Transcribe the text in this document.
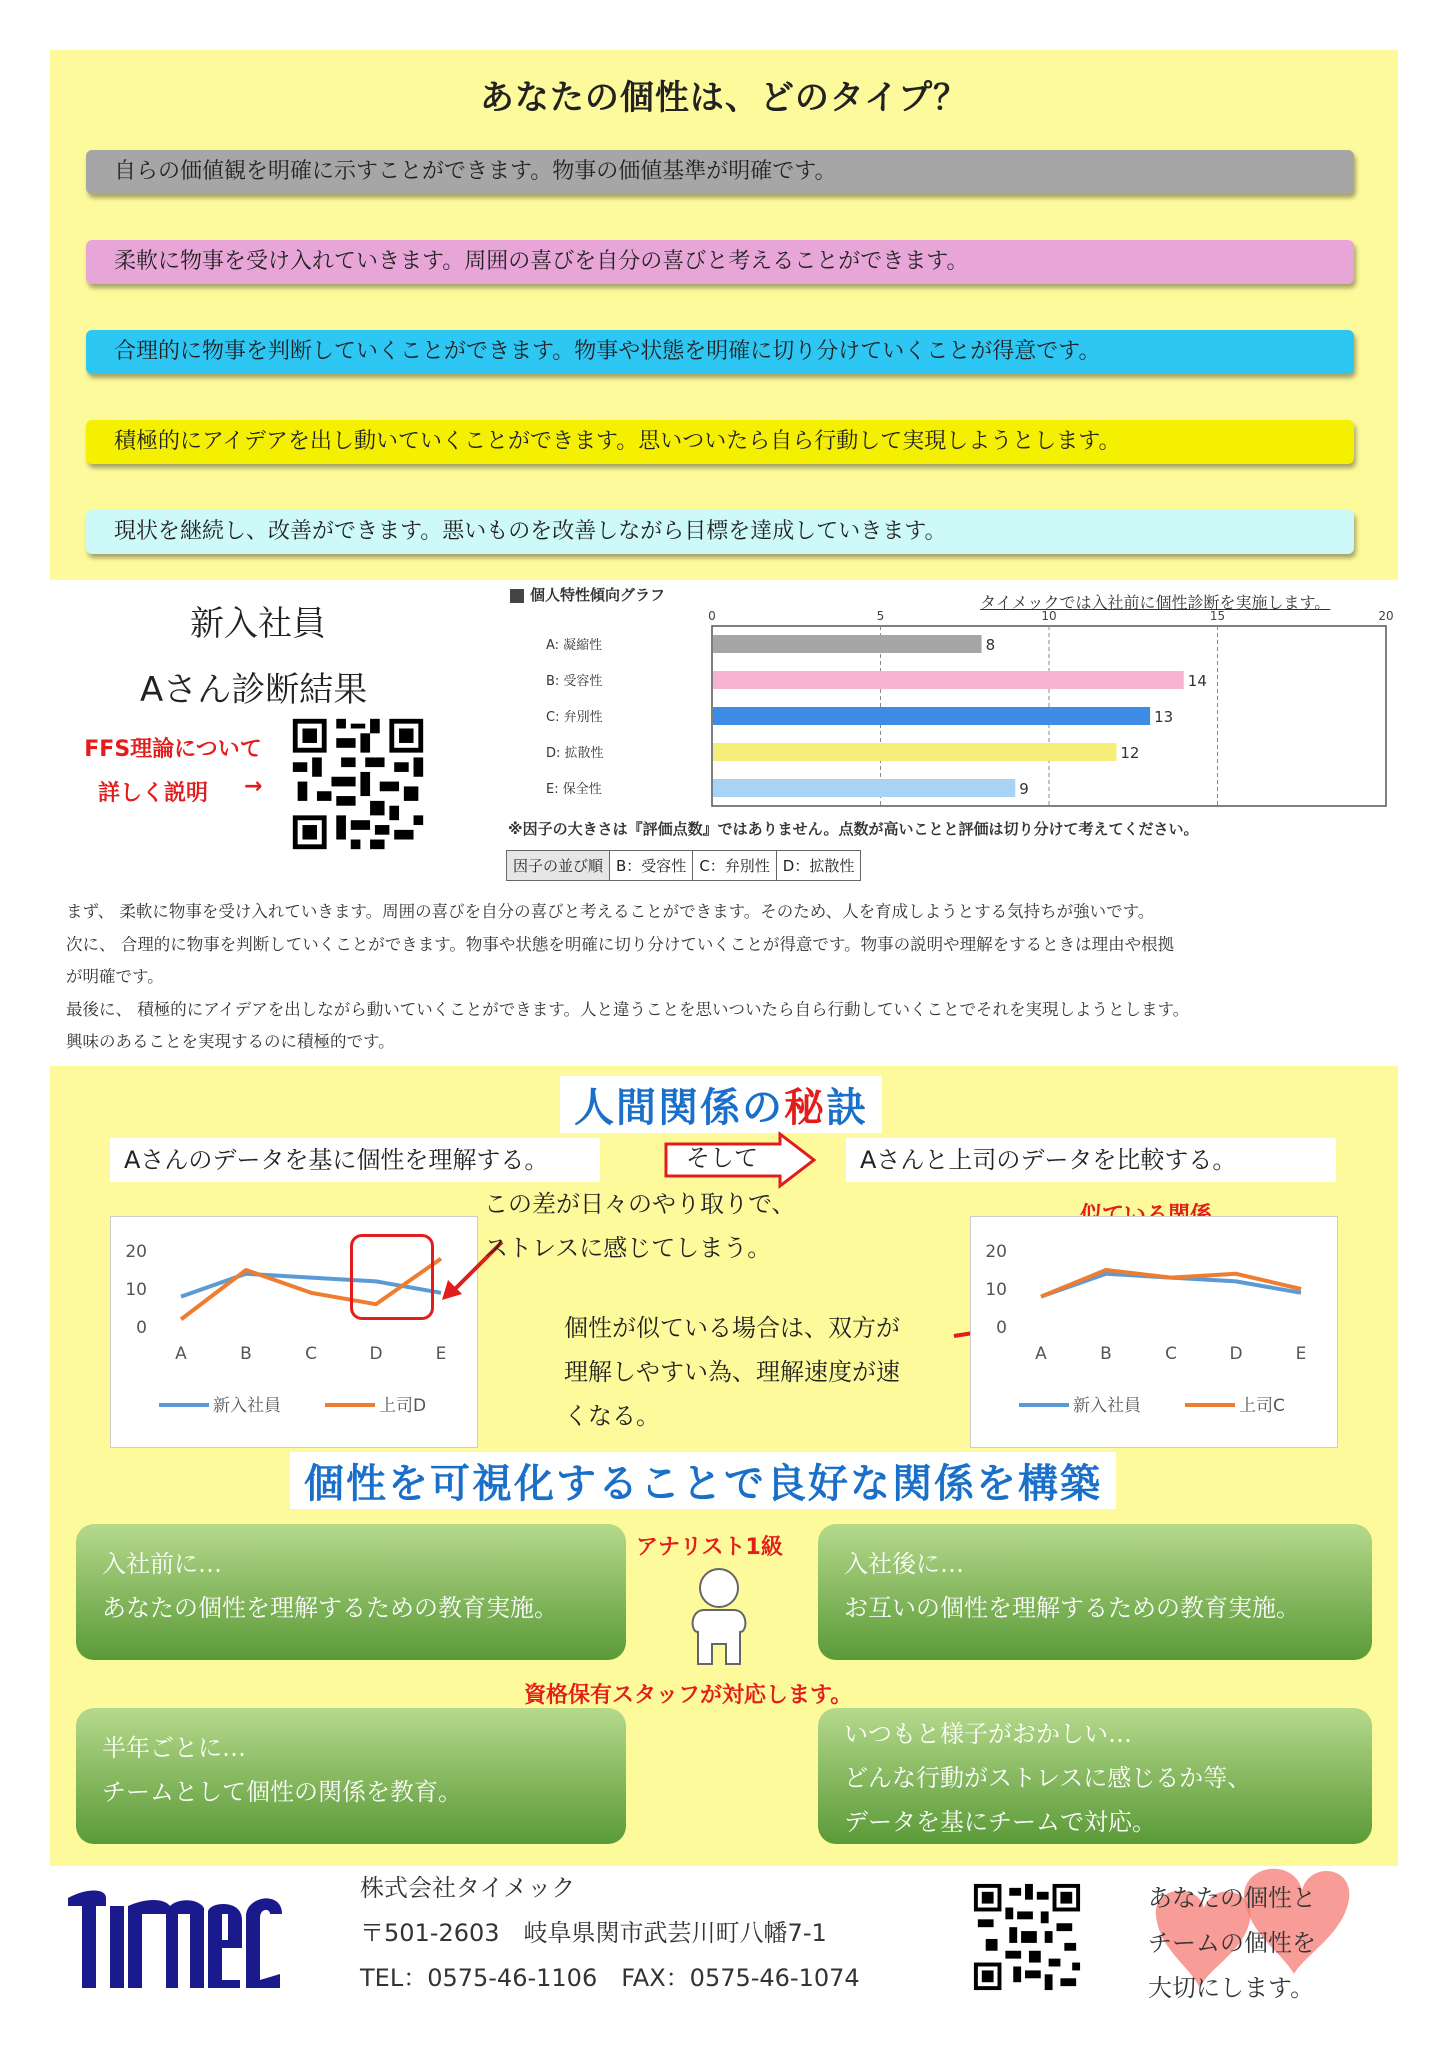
あなたの個性は、どのタイプ？
自らの価値観を明確に示すことができます。物事の価値基準が明確です。
柔軟に物事を受け入れていきます。周囲の喜びを自分の喜びと考えることができます。
合理的に物事を判断していくことができます。物事や状態を明確に切り分けていくことが得意です。
積極的にアイデアを出し動いていくことができます。思いついたら自ら行動して実現しようとします。
現状を継続し、改善ができます。悪いものを改善しながら目標を達成していきます。
新入社員
Aさん診断結果
FFS理論について
詳しく説明	→
個人特性傾向グラフ	タイメックでは入社前に個性診断を実施します。
0	5	10	15	20
A: 凝縮性	8
B: 受容性	14
C: 弁別性	13
D: 拡散性	12
E: 保全性	9
※因子の大きさは『評価点数』ではありません。点数が高いことと評価は切り分けて考えてください。
因子の並び順 B：受容性 C：弁別性 D：拡散性
まず、 柔軟に物事を受け入れていきます。周囲の喜びを自分の喜びと考えることができます。そのため、人を育成しようとする気持ちが強いです。
次に、 合理的に物事を判断していくことができます。物事や状態を明確に切り分けていくことが得意です。物事の説明や理解をするときは理由や根拠
が明確です。
最後に、 積極的にアイデアを出しながら動いていくことができます。人と違うことを思いついたら自ら行動していくことでそれを実現しようとします。
興味のあることを実現するのに積極的です。
人間関係の秘訣
Aさんのデータを基に個性を理解する。	そして	Aさんと上司のデータを比較する。
0
10
20
A	B	C	D	E
新入社員	上司D
この差が日々のやり取りで、
ストレスに感じてしまう。
個性が似ている場合は、双方が
理解しやすい為、理解速度が速
くなる。
0
10
20
A	B	C	D	E
新入社員	上司C
個性を可視化することで良好な関係を構築
入社前に…
あなたの個性を理解するための教育実施。
入社後に…
お互いの個性を理解するための教育実施。
半年ごとに…
チームとして個性の関係を教育。
いつもと様子がおかしい…
どんな行動がストレスに感じるか等、
データを基にチームで対応。
アナリスト1級
資格保有スタッフが対応します。
株式会社タイメック
〒501-2603　岐阜県関市武芸川町八幡7-1
TEL：0575-46-1106　FAX：0575-46-1074
あなたの個性と
チームの個性を
大切にします。
